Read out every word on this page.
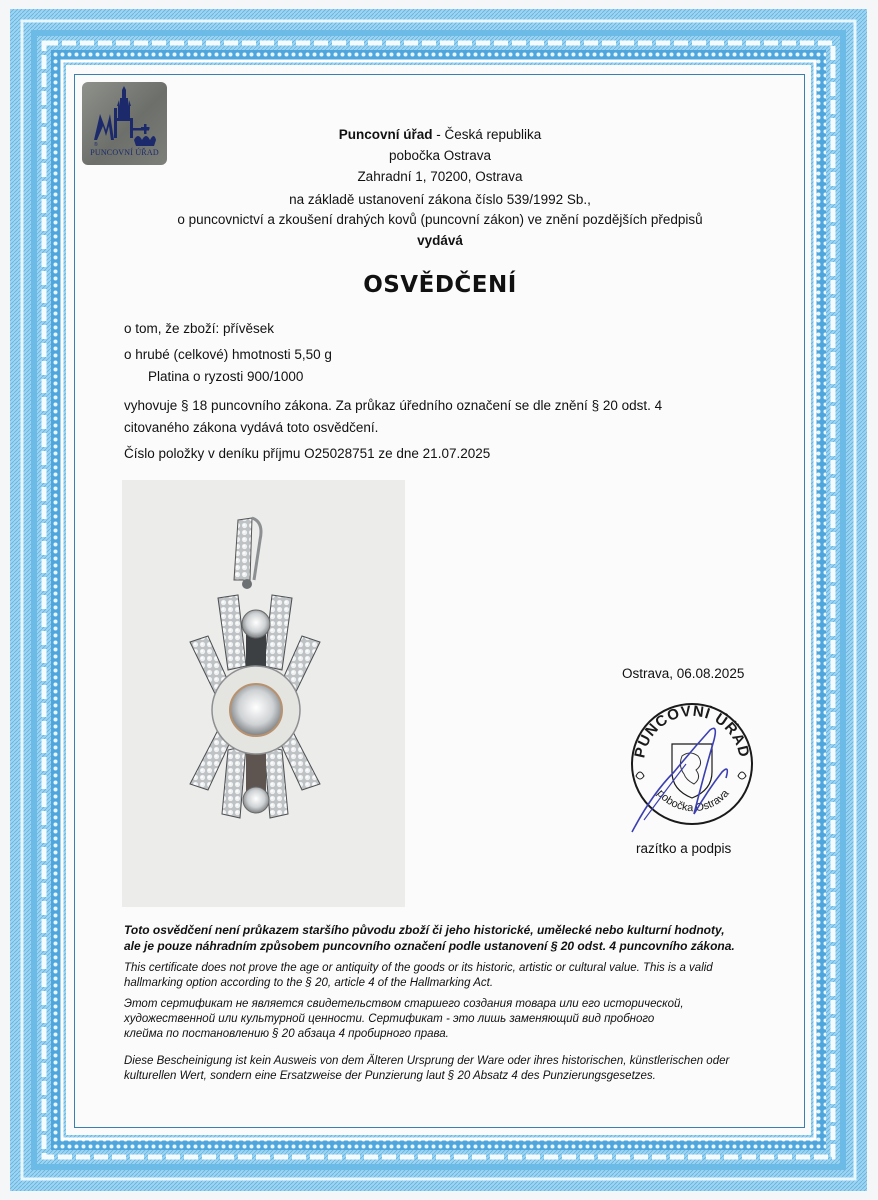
®
PUNCOVNÍ ÚŘAD
Puncovní úřad - Česká republika
pobočka Ostrava
Zahradní 1, 70200, Ostrava
na základě ustanovení zákona číslo 539/1992 Sb.,
o puncovnictví a zkoušení drahých kovů (puncovní zákon) ve znění pozdějších předpisů
vydává
OSVĚDČENÍ
o tom, že zboží: přívěsek
o hrubé (celkové) hmotnosti 5,50 g
Platina o ryzosti 900/1000
vyhovuje § 18 puncovního zákona. Za průkaz úředního označení se dle znění § 20 odst. 4
citovaného zákona vydává toto osvědčení.
Číslo položky v deníku příjmu O25028751 ze dne 21.07.2025
Ostrava, 06.08.2025
PUNCOVNÍ ÚŘAD
pobočka Ostrava
razítko a podpis
Toto osvědčení není průkazem staršího původu zboží či jeho historické, umělecké nebo kulturní hodnoty,
ale je pouze náhradním způsobem puncovního označení podle ustanovení § 20 odst. 4 puncovního zákona.
This certificate does not prove the age or antiquity of the goods or its historic, artistic or cultural value. This is a valid
hallmarking option according to the § 20, article 4 of the Hallmarking Act.
Этот сертификат не является свидетельством старшего создания товара или его исторической,
художественной или культурной ценности. Сертификат - это лишь заменяющий вид пробного
клейма по постановлению § 20 абзаца 4 пробирного права.
Diese Bescheinigung ist kein Ausweis von dem Älteren Ursprung der Ware oder ihres historischen, künstlerischen oder
kulturellen Wert, sondern eine Ersatzweise der Punzierung laut § 20 Absatz 4 des Punzierungsgesetzes.
